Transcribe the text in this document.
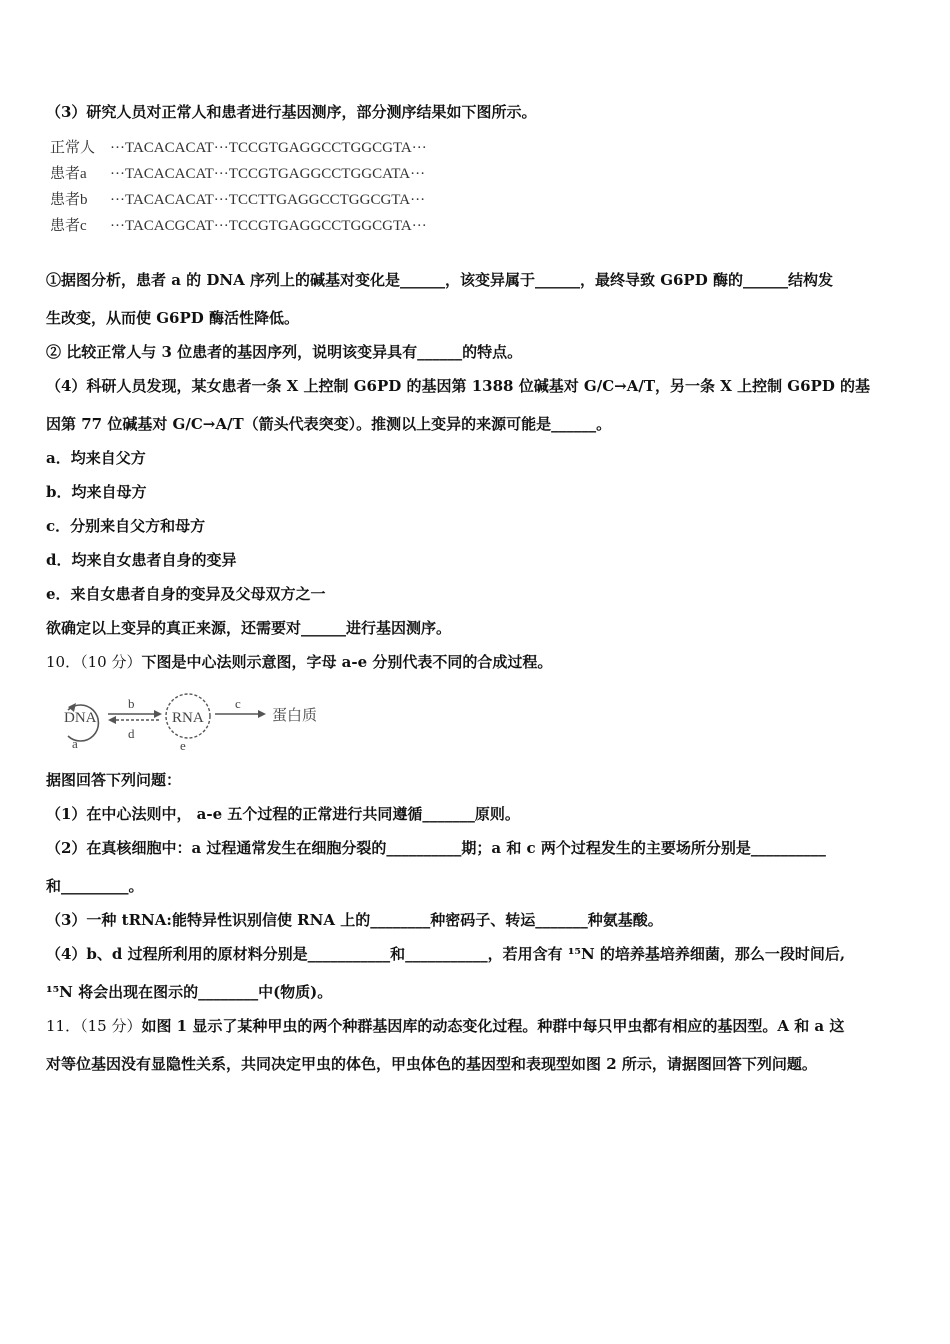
（3）研究人员对正常人和患者进行基因测序，部分测序结果如下图所示。
正常人 ···TACACACAT···TCCGTGAGGCCTGGCGTA···
患者a ···TACACACAT···TCCGTGAGGCCTGGCATA···
患者b ···TACACACAT···TCCTTGAGGCCTGGCGTA···
患者c ···TACACGCAT···TCCGTGAGGCCTGGCGTA···
①据图分析，患者 a 的 DNA 序列上的碱基对变化是______，该变异属于______，最终导致 G6PD 酶的______结构发
生改变，从而使 G6PD 酶活性降低。
② 比较正常人与 3 位患者的基因序列，说明该变异具有______的特点。
（4）科研人员发现，某女患者一条 X 上控制 G6PD 的基因第 1388 位碱基对 G/C→A/T，另一条 X 上控制 G6PD 的基
因第 77 位碱基对 G/C→A/T（箭头代表突变）。推测以上变异的来源可能是______。
a．均来自父方
b．均来自母方
c．分别来自父方和母方
d．均来自女患者自身的变异
e．来自女患者自身的变异及父母双方之一
欲确定以上变异的真正来源，还需要对______进行基因测序。
10．（10 分）下图是中心法则示意图，字母 a-e 分别代表不同的合成过程。
DNA
a
b
d
RNA
e
c
蛋白质
据图回答下列问题：
（1）在中心法则中， a-e 五个过程的正常进行共同遵循_______原则。
（2）在真核细胞中：a 过程通常发生在细胞分裂的__________期；a 和 c 两个过程发生的主要场所分别是__________
和_________。
（3）一种 tRNA:能特异性识别信使 RNA 上的________种密码子、转运_______种氨基酸。
（4）b、d 过程所利用的原材料分别是___________和___________，若用含有 ¹⁵N 的培养基培养细菌，那么一段时间后,
¹⁵N 将会出现在图示的________中(物质)。
11．（15 分）如图 1 显示了某种甲虫的两个种群基因库的动态变化过程。种群中每只甲虫都有相应的基因型。A 和 a 这
对等位基因没有显隐性关系，共同决定甲虫的体色，甲虫体色的基因型和表现型如图 2 所示，请据图回答下列问题。
